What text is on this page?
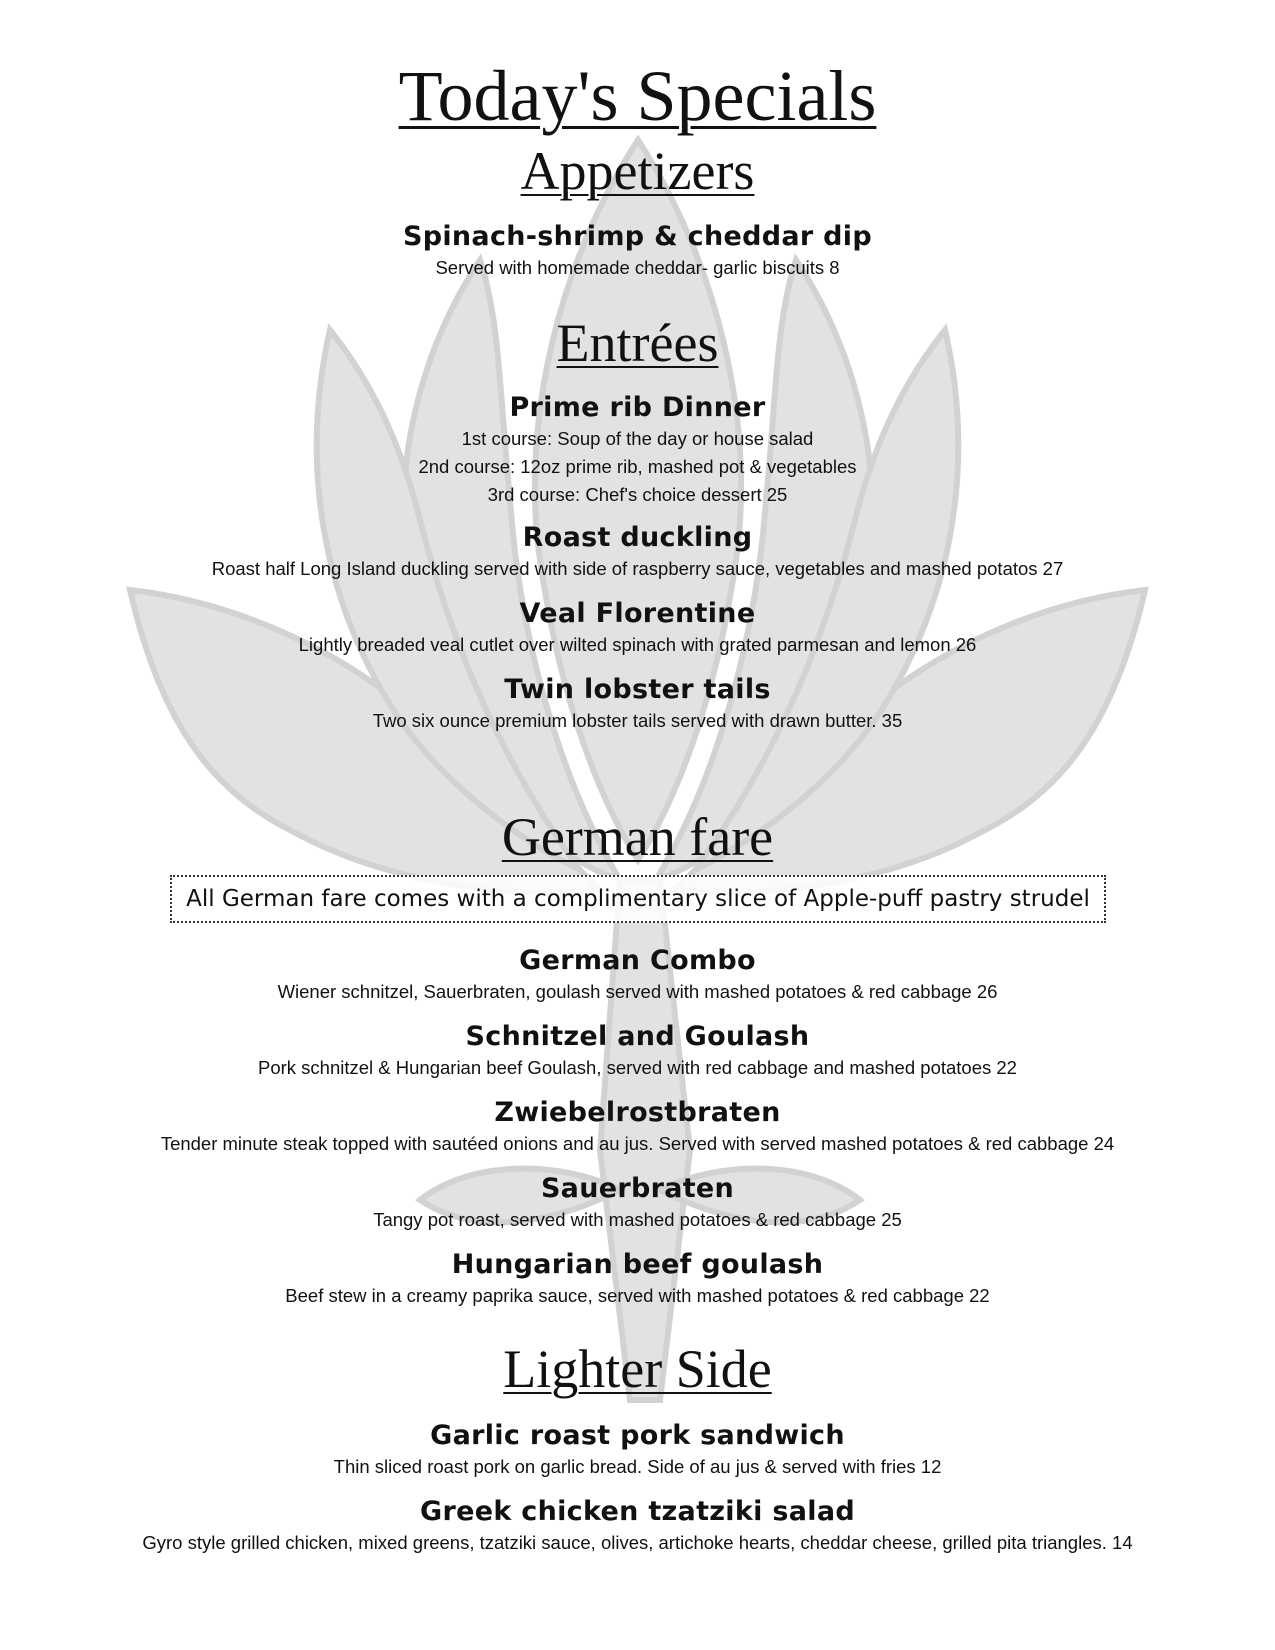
Today's Specials
Appetizers

Spinach-shrimp & cheddar dip

Served with homemade cheddar- garlic biscuits 8

Entrées

Prime rib Dinner

1st course: Soup of the day or house salad

2nd course: 12oz prime rib, mashed pot & vegetables

3rd course: Chef's choice dessert 25

Roast duckling

Roast half Long Island duckling served with side of raspberry sauce, vegetables and mashed potatos 27

Veal Florentine

Lightly breaded veal cutlet over wilted spinach with grated parmesan and lemon 26

Twin lobster tails

Two six ounce premium lobster tails served with drawn butter. 35

German fare
All German fare comes with a complimentary slice of Apple-puff pastry strudel

German Combo

Wiener schnitzel, Sauerbraten, goulash served with mashed potatoes & red cabbage 26

Schnitzel and Goulash

Pork schnitzel & Hungarian beef Goulash, served with red cabbage and mashed potatoes 22

Zwiebelrostbraten

Tender minute steak topped with sautéed onions and au jus. Served with served mashed potatoes & red cabbage 24

Sauerbraten

Tangy pot roast, served with mashed potatoes & red cabbage 25

Hungarian beef goulash

Beef stew in a creamy paprika sauce, served with mashed potatoes & red cabbage 22

Lighter Side

Garlic roast pork sandwich

Thin sliced roast pork on garlic bread. Side of au jus & served with fries 12

Greek chicken tzatziki salad

Gyro style grilled chicken, mixed greens, tzatziki sauce, olives, artichoke hearts, cheddar cheese, grilled pita triangles. 14
